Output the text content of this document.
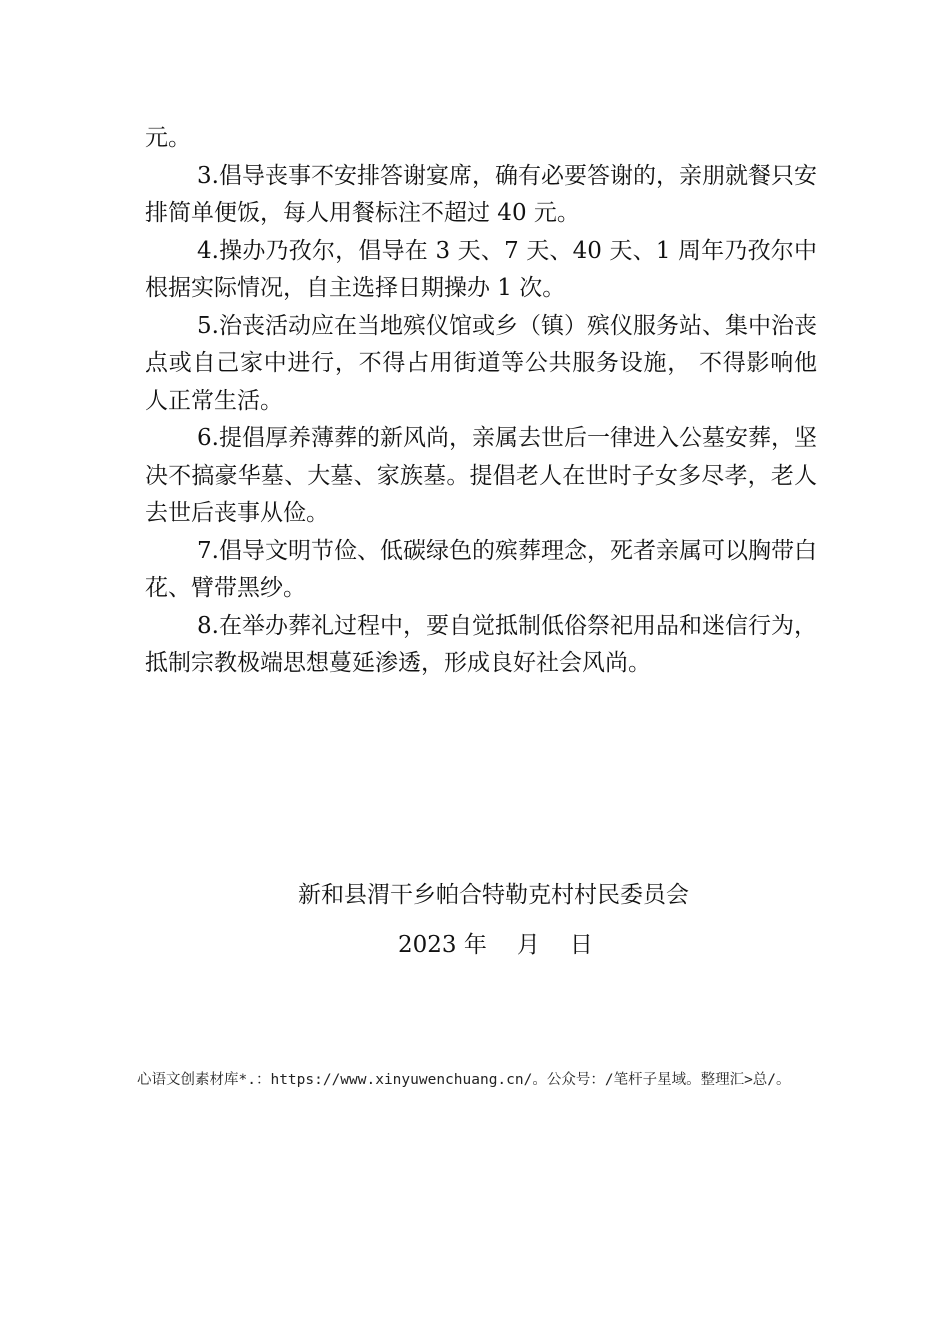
元。

3.倡导丧事不安排答谢宴席，确有必要答谢的，亲朋就餐只安排简单便饭，每人用餐标注不超过 40 元。

4.操办乃孜尔，倡导在 3 天、7 天、40 天、1 周年乃孜尔中根据实际情况，自主选择日期操办 1 次。

5.治丧活动应在当地殡仪馆或乡（镇）殡仪服务站、集中治丧点或自己家中进行，不得占用街道等公共服务设施， 不得影响他人正常生活。

6.提倡厚养薄葬的新风尚，亲属去世后一律进入公墓安葬，坚决不搞豪华墓、大墓、家族墓。提倡老人在世时子女多尽孝，老人去世后丧事从俭。

7.倡导文明节俭、低碳绿色的殡葬理念，死者亲属可以胸带白花、臂带黑纱。

8.在举办葬礼过程中，要自觉抵制低俗祭祀用品和迷信行为，抵制宗教极端思想蔓延渗透，形成良好社会风尚。

新和县渭干乡帕合特勒克村村民委员会
2023 年 月 日
心语文创素材库*.：https://www.xinyuwenchuang.cn/。公众号：/笔杆子星域。整理汇>总/。
